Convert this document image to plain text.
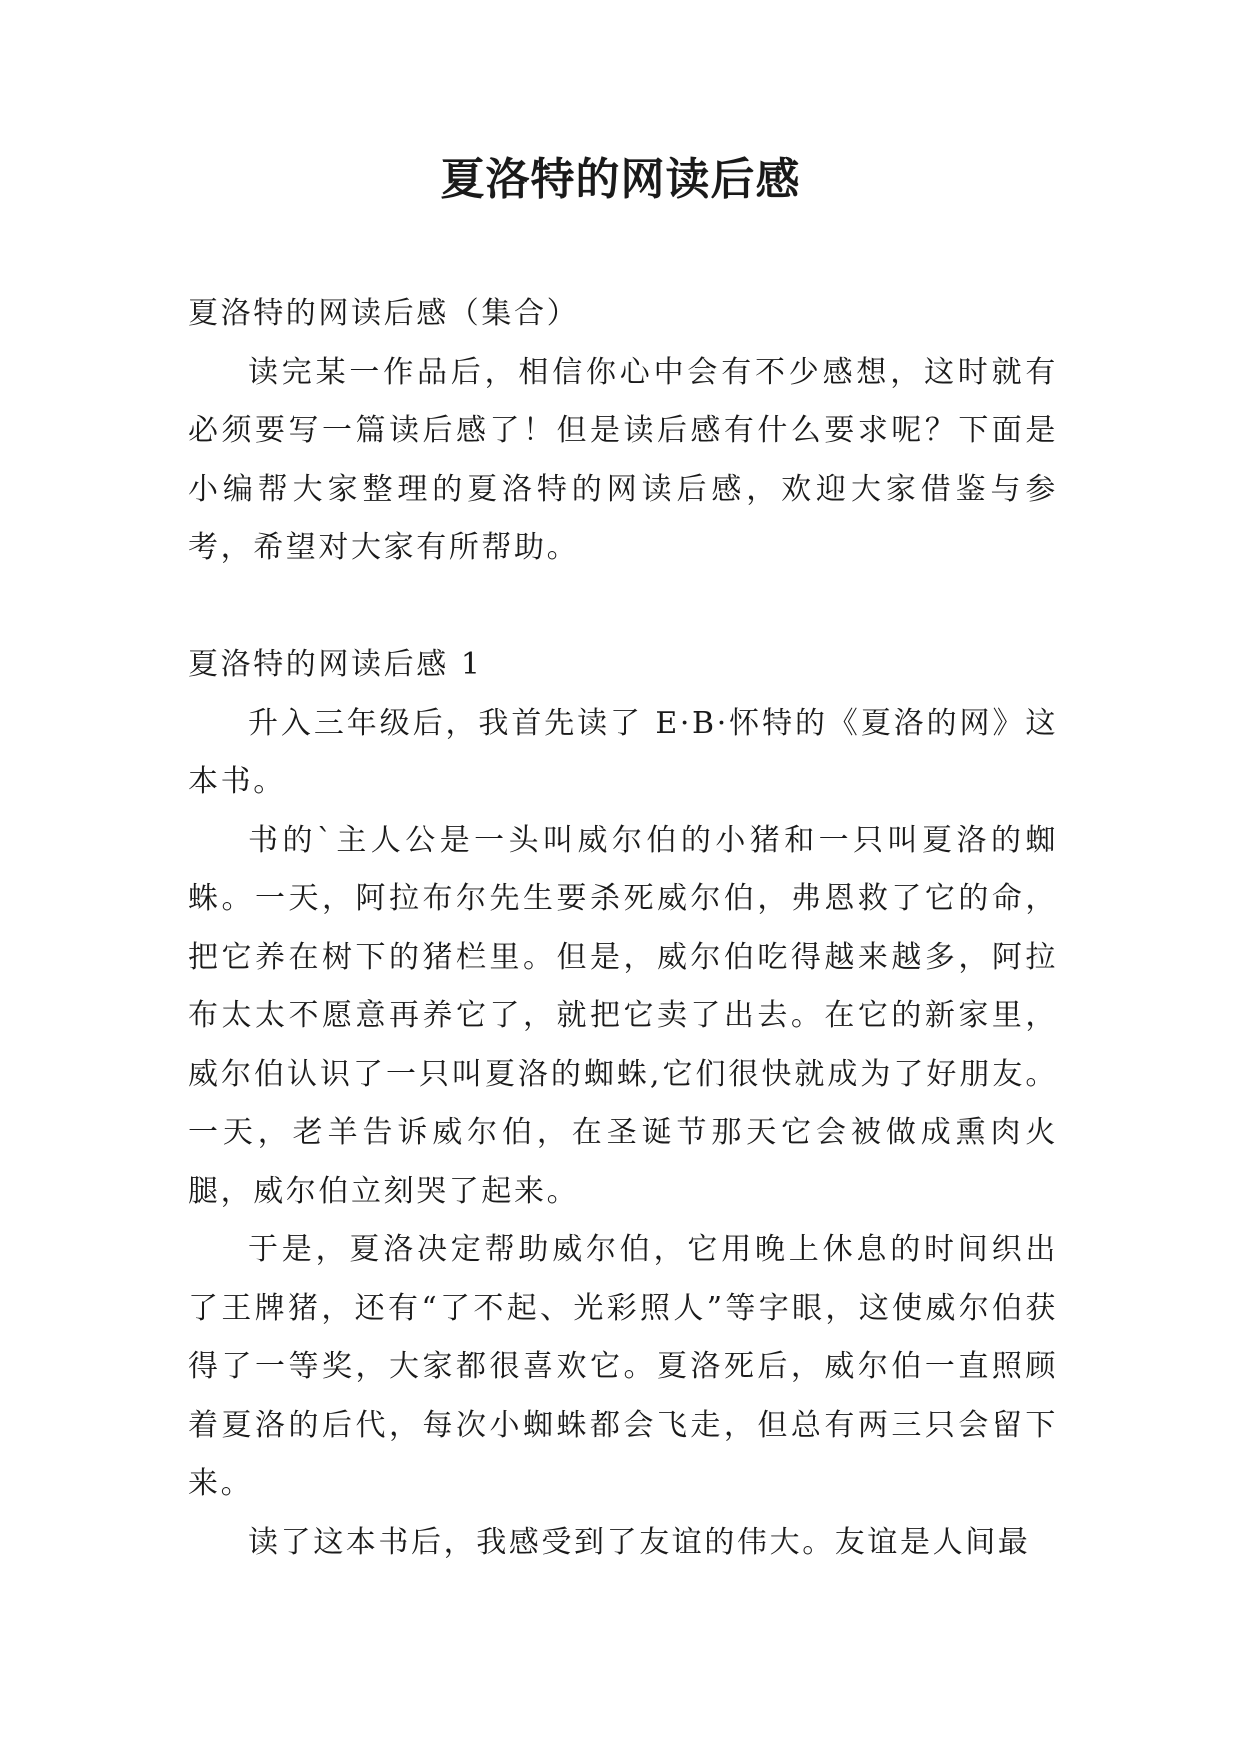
夏洛特的网读后感

夏洛特的网读后感（集合）

读完某一作品后，相信你心中会有不少感想，这时就有必须要写一篇读后感了！但是读后感有什么要求呢？下面是小编帮大家整理的夏洛特的网读后感，欢迎大家借鉴与参考，希望对大家有所帮助。

夏洛特的网读后感 1

升入三年级后，我首先读了 E·B·怀特的《夏洛的网》这本书。

书的`主人公是一头叫威尔伯的小猪和一只叫夏洛的蜘蛛。一天，阿拉布尔先生要杀死威尔伯，弗恩救了它的命，把它养在树下的猪栏里。但是，威尔伯吃得越来越多，阿拉布太太不愿意再养它了，就把它卖了出去。在它的新家里，威尔伯认识了一只叫夏洛的蜘蛛,它们很快就成为了好朋友。一天，老羊告诉威尔伯，在圣诞节那天它会被做成熏肉火腿，威尔伯立刻哭了起来。

于是，夏洛决定帮助威尔伯，它用晚上休息的时间织出了王牌猪，还有“了不起、光彩照人”等字眼，这使威尔伯获得了一等奖，大家都很喜欢它。夏洛死后，威尔伯一直照顾着夏洛的后代，每次小蜘蛛都会飞走，但总有两三只会留下来。

读了这本书后，我感受到了友谊的伟大。友谊是人间最
